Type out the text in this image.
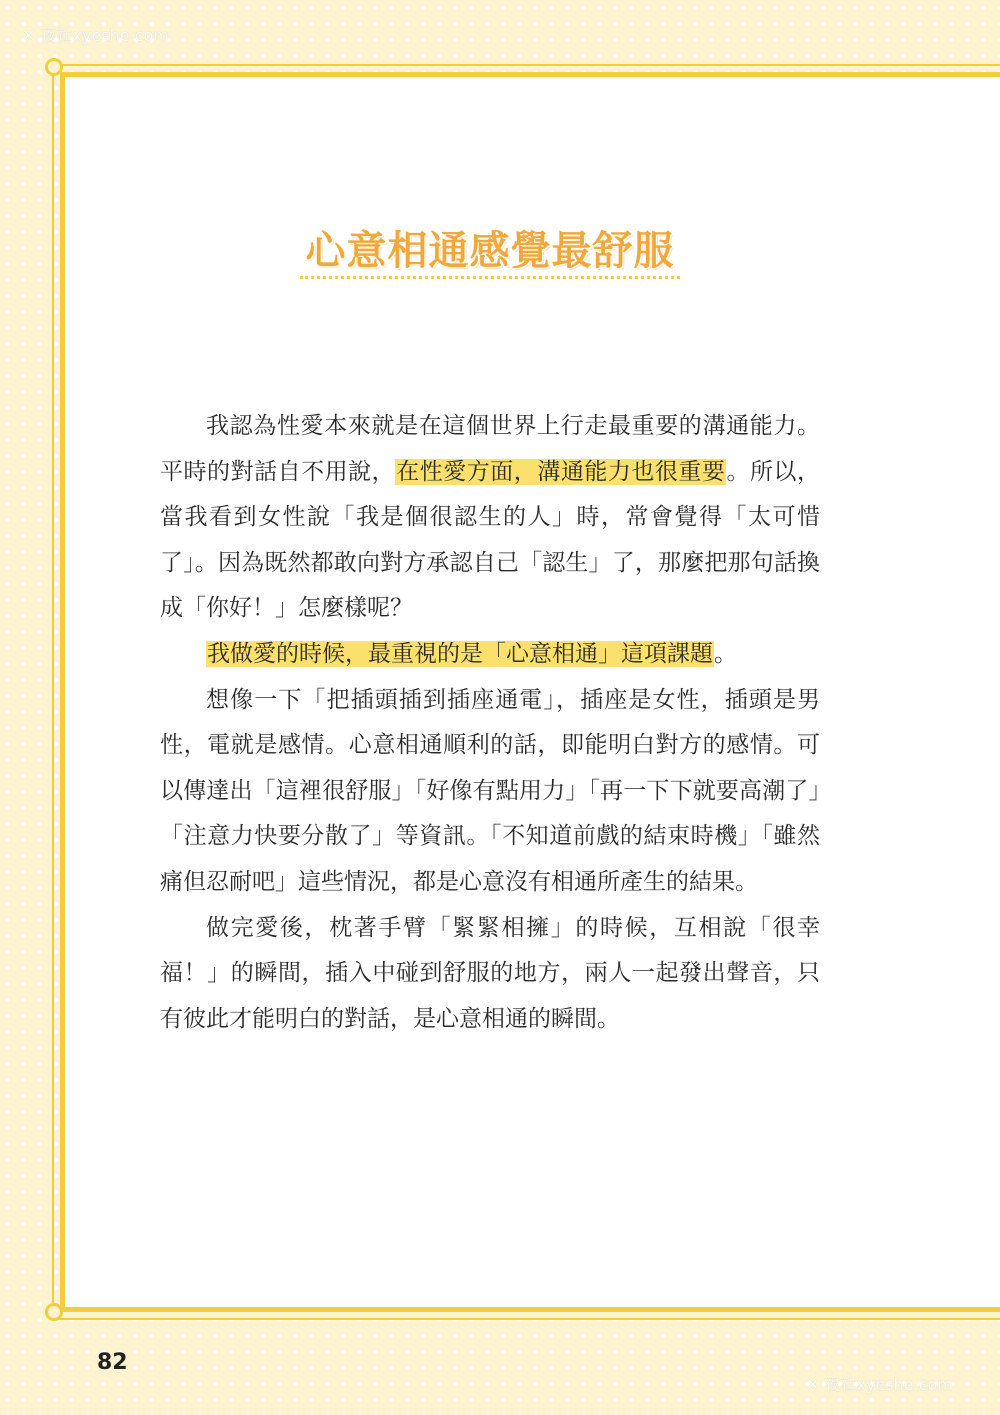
✕ 夜社xyeshe.com
心意相通感覺最舒服

我認為性愛本來就是在這個世界上行走最重要的溝通能力。平時的對話自不用說，在性愛方面，溝通能力也很重要。所以，當我看到女性說「我是個很認生的人」時，常會覺得「太可惜了」。因為既然都敢向對方承認自己「認生」了，那麼把那句話換成「你好！」怎麼樣呢？

我做愛的時候，最重視的是「心意相通」這項課題。

想像一下「把插頭插到插座通電」，插座是女性，插頭是男性，電就是感情。心意相通順利的話，即能明白對方的感情。可以傳達出「這裡很舒服」「好像有點用力」「再一下下就要高潮了」「注意力快要分散了」等資訊。「不知道前戲的結束時機」「雖然痛但忍耐吧」這些情況，都是心意沒有相通所產生的結果。

做完愛後，枕著手臂「緊緊相擁」的時候，互相說「很幸福！」的瞬間，插入中碰到舒服的地方，兩人一起發出聲音，只有彼此才能明白的對話，是心意相通的瞬間。

82
✕ 夜社xyeshe.com
